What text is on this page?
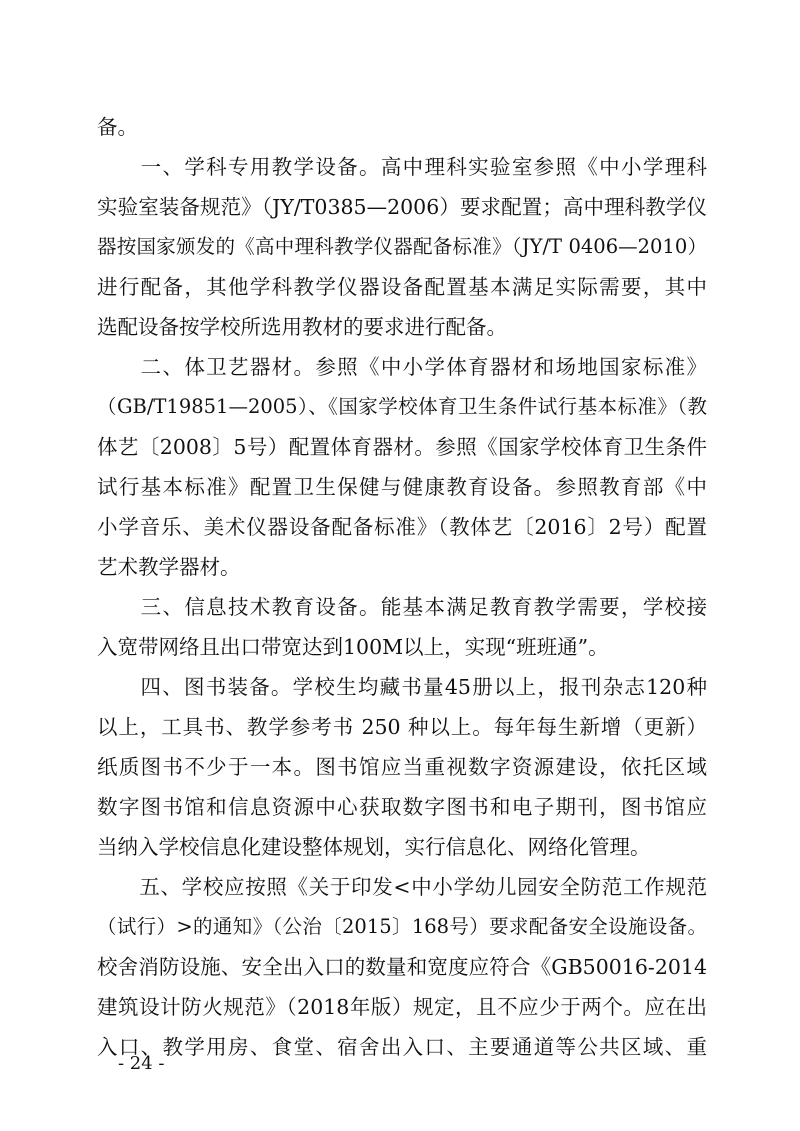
备。
　　一、学科专用教学设备。高中理科实验室参照《中小学理科
实验室装备规范》（JY/T0385—2006）要求配置；高中理科教学仪
器按国家颁发的《高中理科教学仪器配备标准》（JY/T 0406—2010）
进行配备，其他学科教学仪器设备配置基本满足实际需要，其中
选配设备按学校所选用教材的要求进行配备。
　　二、体卫艺器材。参照《中小学体育器材和场地国家标准》
（GB/T19851—2005）、《国家学校体育卫生条件试行基本标准》（教
体艺〔2008〕5号）配置体育器材。参照《国家学校体育卫生条件
试行基本标准》配置卫生保健与健康教育设备。参照教育部《中
小学音乐、美术仪器设备配备标准》（教体艺〔2016〕2号）配置
艺术教学器材。
　　三、信息技术教育设备。能基本满足教育教学需要，学校接
入宽带网络且出口带宽达到100M以上，实现“班班通”。
　　四、图书装备。学校生均藏书量45册以上，报刊杂志120种
以上，工具书、教学参考书 250 种以上。每年每生新增（更新）
纸质图书不少于一本。图书馆应当重视数字资源建设，依托区域
数字图书馆和信息资源中心获取数字图书和电子期刊，图书馆应
当纳入学校信息化建设整体规划，实行信息化、网络化管理。
　　五、学校应按照《关于印发<中小学幼儿园安全防范工作规范
（试行）>的通知》（公治〔2015〕168号）要求配备安全设施设备。
校舍消防设施、安全出入口的数量和宽度应符合《GB50016-2014
建筑设计防火规范》（2018年版）规定，且不应少于两个。应在出
入口、教学用房、食堂、宿舍出入口、主要通道等公共区域、重
- 24 -
